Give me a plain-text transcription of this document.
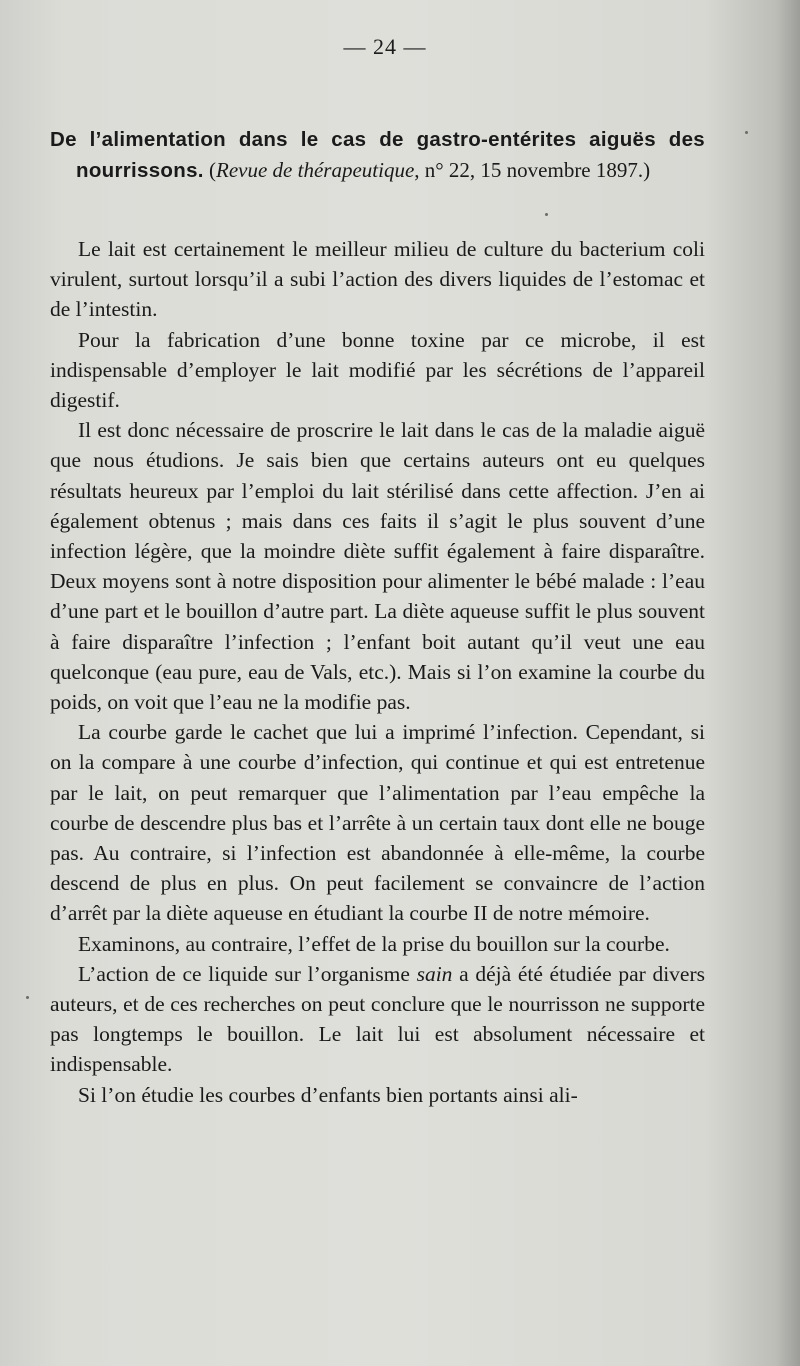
— 24 —

De l’alimentation dans le cas de gastro-entérites aiguës des nourrissons. (Revue de thérapeutique, n° 22, 15 novembre 1897.)

Le lait est certainement le meilleur milieu de culture du bacterium coli virulent, surtout lorsqu’il a subi l’action des divers liquides de l’estomac et de l’intestin.

Pour la fabrication d’une bonne toxine par ce microbe, il est indispensable d’employer le lait modifié par les sécrétions de l’appareil digestif.

Il est donc nécessaire de proscrire le lait dans le cas de la maladie aiguë que nous étudions. Je sais bien que certains auteurs ont eu quelques résultats heureux par l’emploi du lait stérilisé dans cette affection. J’en ai également obtenus ; mais dans ces faits il s’agit le plus souvent d’une infection légère, que la moindre diète suffit également à faire disparaître. Deux moyens sont à notre disposition pour alimenter le bébé malade : l’eau d’une part et le bouillon d’autre part. La diète aqueuse suffit le plus souvent à faire disparaître l’infection ; l’enfant boit autant qu’il veut une eau quelconque (eau pure, eau de Vals, etc.). Mais si l’on examine la courbe du poids, on voit que l’eau ne la modifie pas.

La courbe garde le cachet que lui a imprimé l’infection. Cependant, si on la compare à une courbe d’infection, qui continue et qui est entretenue par le lait, on peut remarquer que l’alimentation par l’eau empêche la courbe de descendre plus bas et l’arrête à un certain taux dont elle ne bouge pas. Au contraire, si l’infection est abandonnée à elle-même, la courbe descend de plus en plus. On peut facilement se convaincre de l’action d’arrêt par la diète aqueuse en étudiant la courbe II de notre mémoire.

Examinons, au contraire, l’effet de la prise du bouillon sur la courbe.

L’action de ce liquide sur l’organisme sain a déjà été étudiée par divers auteurs, et de ces recherches on peut conclure que le nourrisson ne supporte pas longtemps le bouillon. Le lait lui est absolument nécessaire et indispensable.

Si l’on étudie les courbes d’enfants bien portants ainsi ali-
